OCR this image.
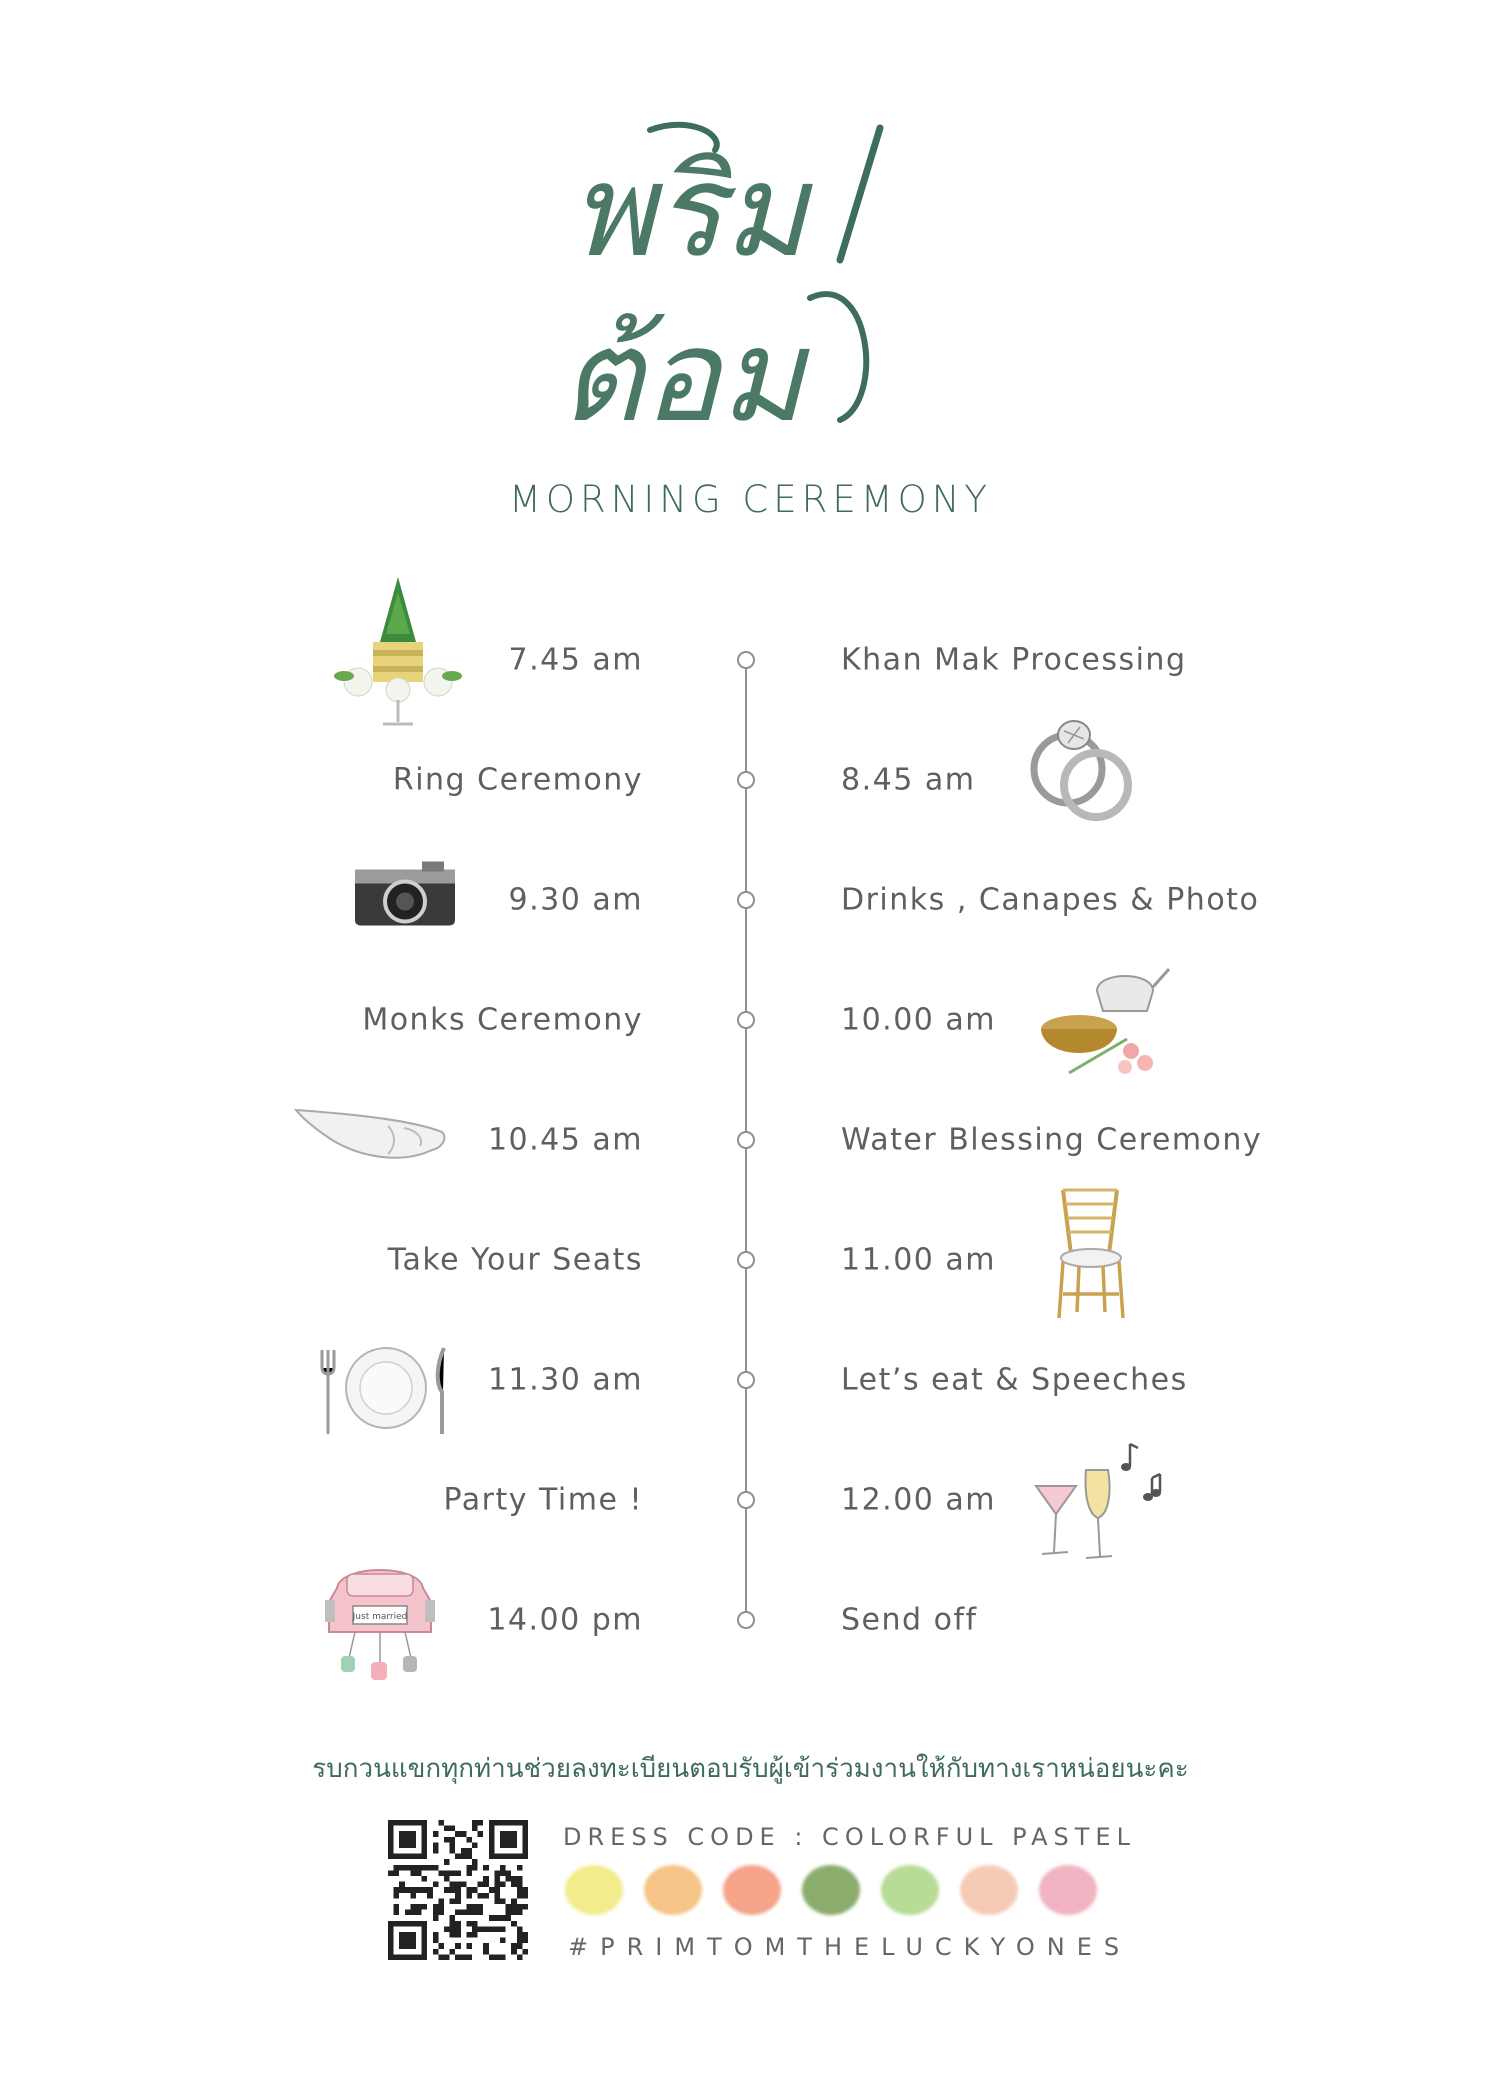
พริม
ต้อม
MORNING CEREMONY
7.45 am	Khan Mak Processing
Ring Ceremony	8.45 am
9.30 am	Drinks , Canapes & Photo
Monks Ceremony	10.00 am
10.45 am	Water Blessing Ceremony
Take Your Seats	11.00 am
11.30 am	Let’s eat & Speeches
Party Time !	12.00 am
14.00 pm	Send off
Just married
รบกวนแขกทุกท่านช่วยลงทะเบียนตอบรับผู้เข้าร่วมงานให้กับทางเราหน่อยนะคะ
DRESS CODE : COLORFUL PASTEL
#PRIMTOMTHELUCKYONES
